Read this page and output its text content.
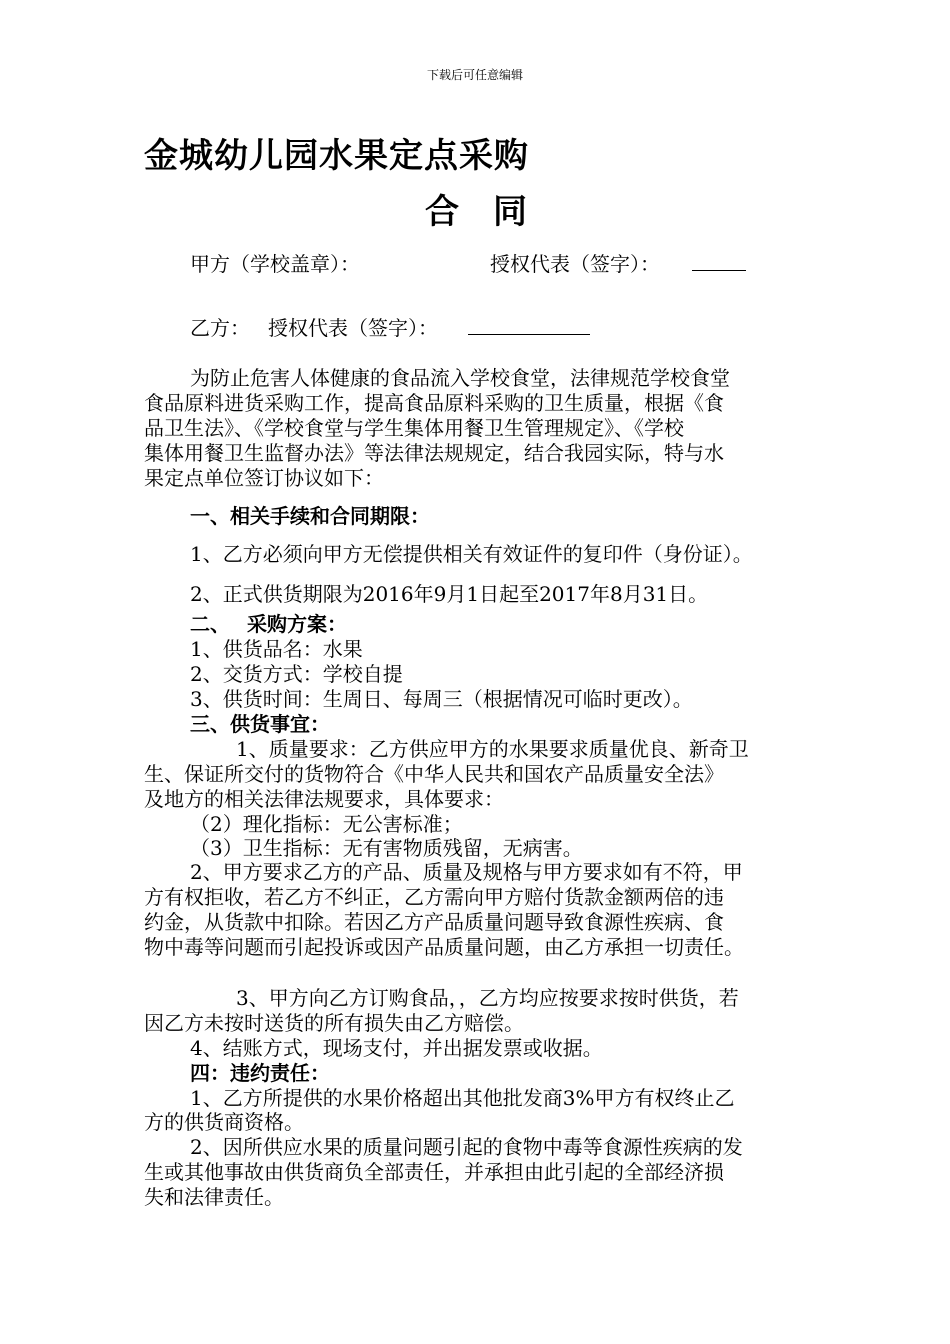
下载后可任意编辑
金城幼儿园水果定点采购
合　同
甲方（学校盖章）：	授权代表（签字）：
乙方： 授权代表（签字）：
为防止危害人体健康的食品流入学校食堂，法律规范学校食堂
食品原料进货采购工作，提高食品原料采购的卫生质量，根据《食
品卫生法》、《学校食堂与学生集体用餐卫生管理规定》、《学校
集体用餐卫生监督办法》等法律法规规定，结合我园实际，特与水
果定点单位签订协议如下：
一、相关手续和合同期限：
1、乙方必须向甲方无偿提供相关有效证件的复印件（身份证）。
2、正式供货期限为2016年9月1日起至2017年8月31日。
二、　 采购方案：
1、供货品名：水果
2、交货方式：学校自提
3、供货时间：生周日、每周三（根据情况可临时更改）。
三、供货事宜：
1、质量要求：乙方供应甲方的水果要求质量优良、新奇卫
生、保证所交付的货物符合《中华人民共和国农产品质量安全法》
及地方的相关法律法规要求，具体要求：
（2）理化指标：无公害标准；
（3）卫生指标：无有害物质残留，无病害。
2、甲方要求乙方的产品、质量及规格与甲方要求如有不符，甲
方有权拒收，若乙方不纠正，乙方需向甲方赔付货款金额两倍的违
约金，从货款中扣除。若因乙方产品质量问题导致食源性疾病、食
物中毒等问题而引起投诉或因产品质量问题，由乙方承担一切责任。
3、甲方向乙方订购食品，，乙方均应按要求按时供货，若
因乙方未按时送货的所有损失由乙方赔偿。
4、结账方式，现场支付，并出据发票或收据。
四：违约责任：
1、乙方所提供的水果价格超出其他批发商3%甲方有权终止乙
方的供货商资格。
2、因所供应水果的质量问题引起的食物中毒等食源性疾病的发
生或其他事故由供货商负全部责任，并承担由此引起的全部经济损
失和法律责任。
